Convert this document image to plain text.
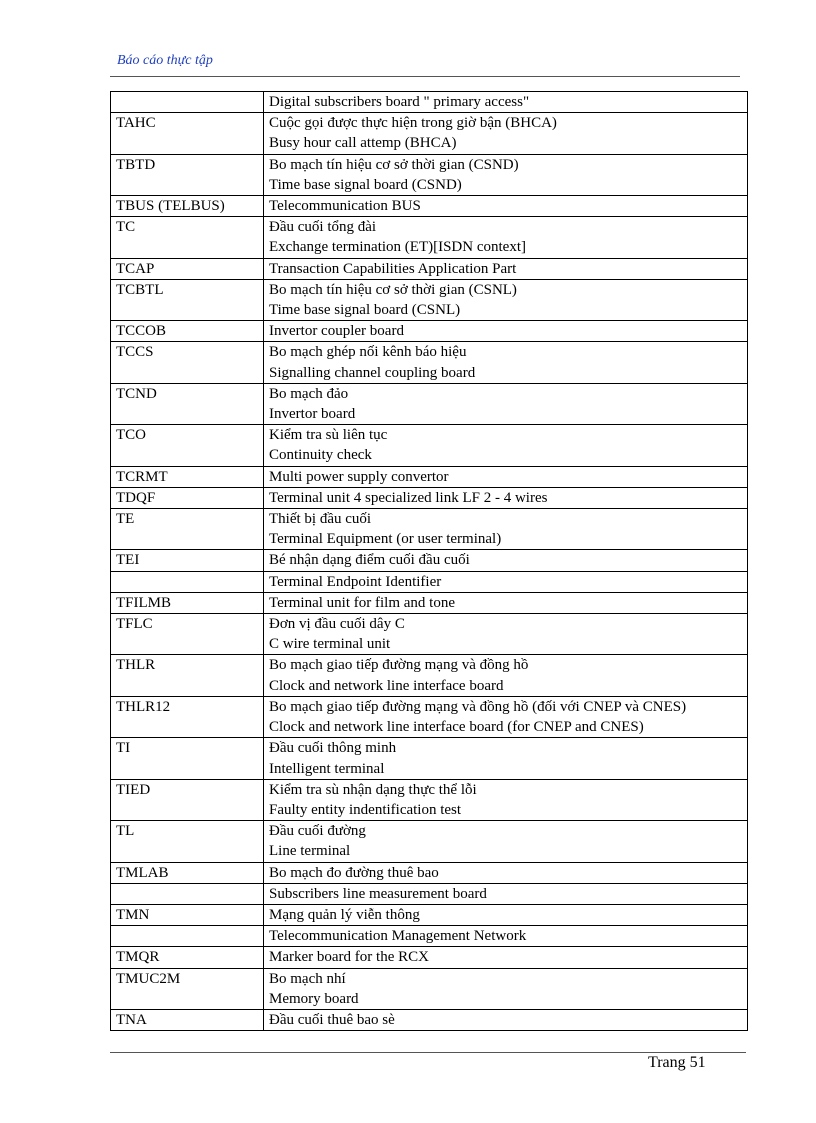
Báo cáo thực tập

	Digital subscribers board " primary access"

TAHC	Cuộc gọi được thực hiện trong giờ bận (BHCA)
Busy hour call attemp (BHCA)

TBTD	Bo mạch tín hiệu cơ sở thời gian (CSND)
Time base signal board (CSND)

TBUS (TELBUS)	Telecommunication BUS

TC	Đầu cuối tổng đài
Exchange termination (ET)[ISDN context]

TCAP	Transaction Capabilities Application Part

TCBTL	Bo mạch tín hiệu cơ sở thời gian (CSNL)
Time base signal board (CSNL)

TCCOB	Invertor coupler board

TCCS	Bo mạch ghép nối kênh báo hiệu
Signalling channel coupling board

TCND	Bo mạch đảo
Invertor board

TCO	Kiểm tra sù liên tục
Continuity check

TCRMT	Multi power supply convertor

TDQF	Terminal unit 4 specialized link LF 2 - 4 wires

TE	Thiết bị đầu cuối
Terminal Equipment (or user terminal)

TEI	Bé nhận dạng điểm cuối đầu cuối

	Terminal Endpoint Identifier

TFILMB	Terminal unit for film and tone

TFLC	Đơn vị đầu cuối dây C
C wire terminal unit

THLR	Bo mạch giao tiếp đường mạng và đồng hồ
Clock and network line interface board

THLR12	Bo mạch giao tiếp đường mạng và đồng hồ (đối với CNEP và CNES)
Clock and network line interface board (for CNEP and CNES)

TI	Đầu cuối thông minh
Intelligent terminal

TIED	Kiểm tra sù nhận dạng thực thể lỗi
Faulty entity indentification test

TL	Đầu cuối đường
Line terminal

TMLAB	Bo mạch đo đường thuê bao

	Subscribers line measurement board

TMN	Mạng quản lý viễn thông

	Telecommunication Management Network

TMQR	Marker board for the RCX

TMUC2M	Bo mạch nhí
Memory board

TNA	Đầu cuối thuê bao sè
Trang 51
